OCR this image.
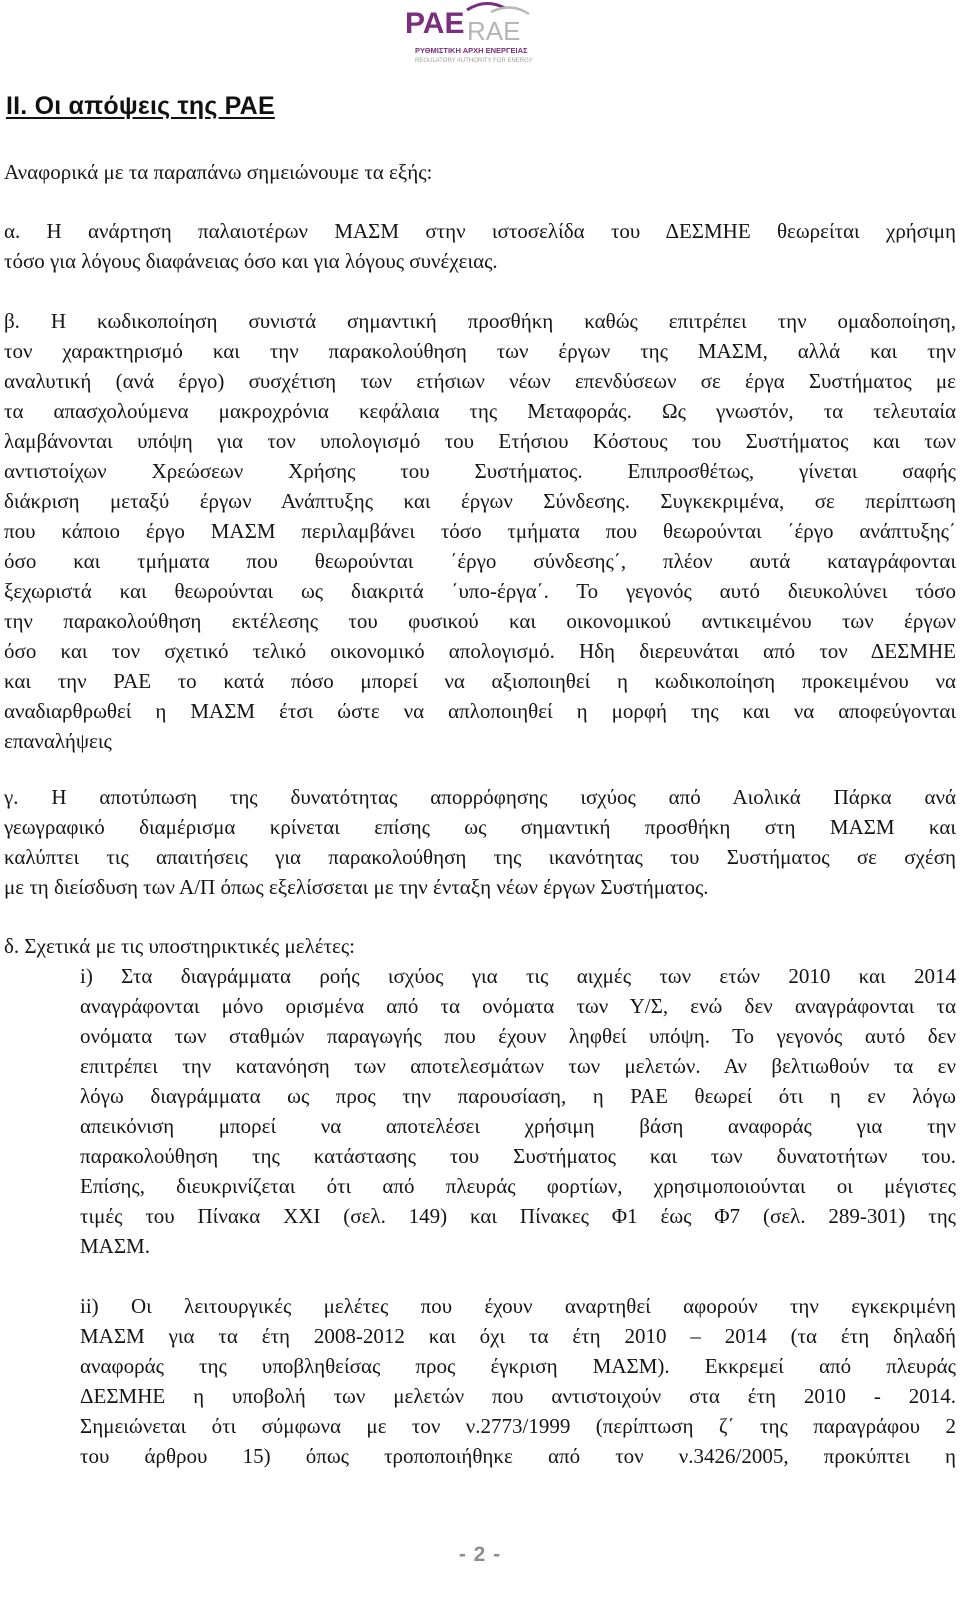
PAE RAE
ΡΥΘΜΙΣΤΙΚΗ ΑΡΧΗ ΕΝΕΡΓΕΙΑΣ
REGULATORY AUTHORITY FOR ENERGY
ΙΙ. Οι απόψεις της ΡΑΕ
Αναφορικά με τα παραπάνω σημειώνουμε τα εξής:
α. Η ανάρτηση παλαιοτέρων ΜΑΣΜ στην ιστοσελίδα του ΔΕΣΜΗΕ θεωρείται χρήσιμη
τόσο για λόγους διαφάνειας όσο και για λόγους συνέχειας.
β. Η κωδικοποίηση συνιστά σημαντική προσθήκη καθώς επιτρέπει την ομαδοποίηση,
τον χαρακτηρισμό και την παρακολούθηση των έργων της ΜΑΣΜ, αλλά και την
αναλυτική (ανά έργο) συσχέτιση των ετήσιων νέων επενδύσεων σε έργα Συστήματος με
τα απασχολούμενα μακροχρόνια κεφάλαια της Μεταφοράς. Ως γνωστόν, τα τελευταία
λαμβάνονται υπόψη για τον υπολογισμό του Ετήσιου Κόστους του Συστήματος και των
αντιστοίχων Χρεώσεων Χρήσης του Συστήματος. Επιπροσθέτως, γίνεται σαφής
διάκριση μεταξύ έργων Ανάπτυξης και έργων Σύνδεσης. Συγκεκριμένα, σε περίπτωση
που κάποιο έργο ΜΑΣΜ περιλαμβάνει τόσο τμήματα που θεωρούνται ΄έργο ανάπτυξης΄
όσο και τμήματα που θεωρούνται ΄έργο σύνδεσης΄, πλέον αυτά καταγράφονται
ξεχωριστά και θεωρούνται ως διακριτά ΄υπο-έργα΄. Το γεγονός αυτό διευκολύνει τόσο
την παρακολούθηση εκτέλεσης του φυσικού και οικονομικού αντικειμένου των έργων
όσο και τον σχετικό τελικό οικονομικό απολογισμό. Ηδη διερευνάται από τον ΔΕΣΜΗΕ
και την ΡΑΕ το κατά πόσο μπορεί να αξιοποιηθεί η κωδικοποίηση προκειμένου να
αναδιαρθρωθεί η ΜΑΣΜ έτσι ώστε να απλοποιηθεί η μορφή της και να αποφεύγονται
επαναλήψεις
γ. Η αποτύπωση της δυνατότητας απορρόφησης ισχύος από Αιολικά Πάρκα ανά
γεωγραφικό διαμέρισμα κρίνεται επίσης ως σημαντική προσθήκη στη ΜΑΣΜ και
καλύπτει τις απαιτήσεις για παρακολούθηση της ικανότητας του Συστήματος σε σχέση
με τη διείσδυση των Α/Π όπως εξελίσσεται με την ένταξη νέων έργων Συστήματος.
δ. Σχετικά με τις υποστηρικτικές μελέτες:
i) Στα διαγράμματα ροής ισχύος για τις αιχμές των ετών 2010 και 2014
αναγράφονται μόνο ορισμένα από τα ονόματα των Υ/Σ, ενώ δεν αναγράφονται τα
ονόματα των σταθμών παραγωγής που έχουν ληφθεί υπόψη. Το γεγονός αυτό δεν
επιτρέπει την κατανόηση των αποτελεσμάτων των μελετών. Αν βελτιωθούν τα εν
λόγω διαγράμματα ως προς την παρουσίαση, η ΡΑΕ θεωρεί ότι η εν λόγω
απεικόνιση μπορεί να αποτελέσει χρήσιμη βάση αναφοράς για την
παρακολούθηση της κατάστασης του Συστήματος και των δυνατοτήτων του.
Επίσης, διευκρινίζεται ότι από πλευράς φορτίων, χρησιμοποιούνται οι μέγιστες
τιμές του Πίνακα XXI (σελ. 149) και Πίνακες Φ1 έως Φ7 (σελ. 289-301) της
ΜΑΣΜ.
ii) Οι λειτουργικές μελέτες που έχουν αναρτηθεί αφορούν την εγκεκριμένη
ΜΑΣΜ για τα έτη 2008-2012 και όχι τα έτη 2010 – 2014 (τα έτη δηλαδή
αναφοράς της υποβληθείσας προς έγκριση ΜΑΣΜ). Εκκρεμεί από πλευράς
ΔΕΣΜΗΕ η υποβολή των μελετών που αντιστοιχούν στα έτη 2010 - 2014.
Σημειώνεται ότι σύμφωνα με τον ν.2773/1999 (περίπτωση ζ΄ της παραγράφου 2
του άρθρου 15) όπως τροποποιήθηκε από τον ν.3426/2005, προκύπτει η
- 2 -
